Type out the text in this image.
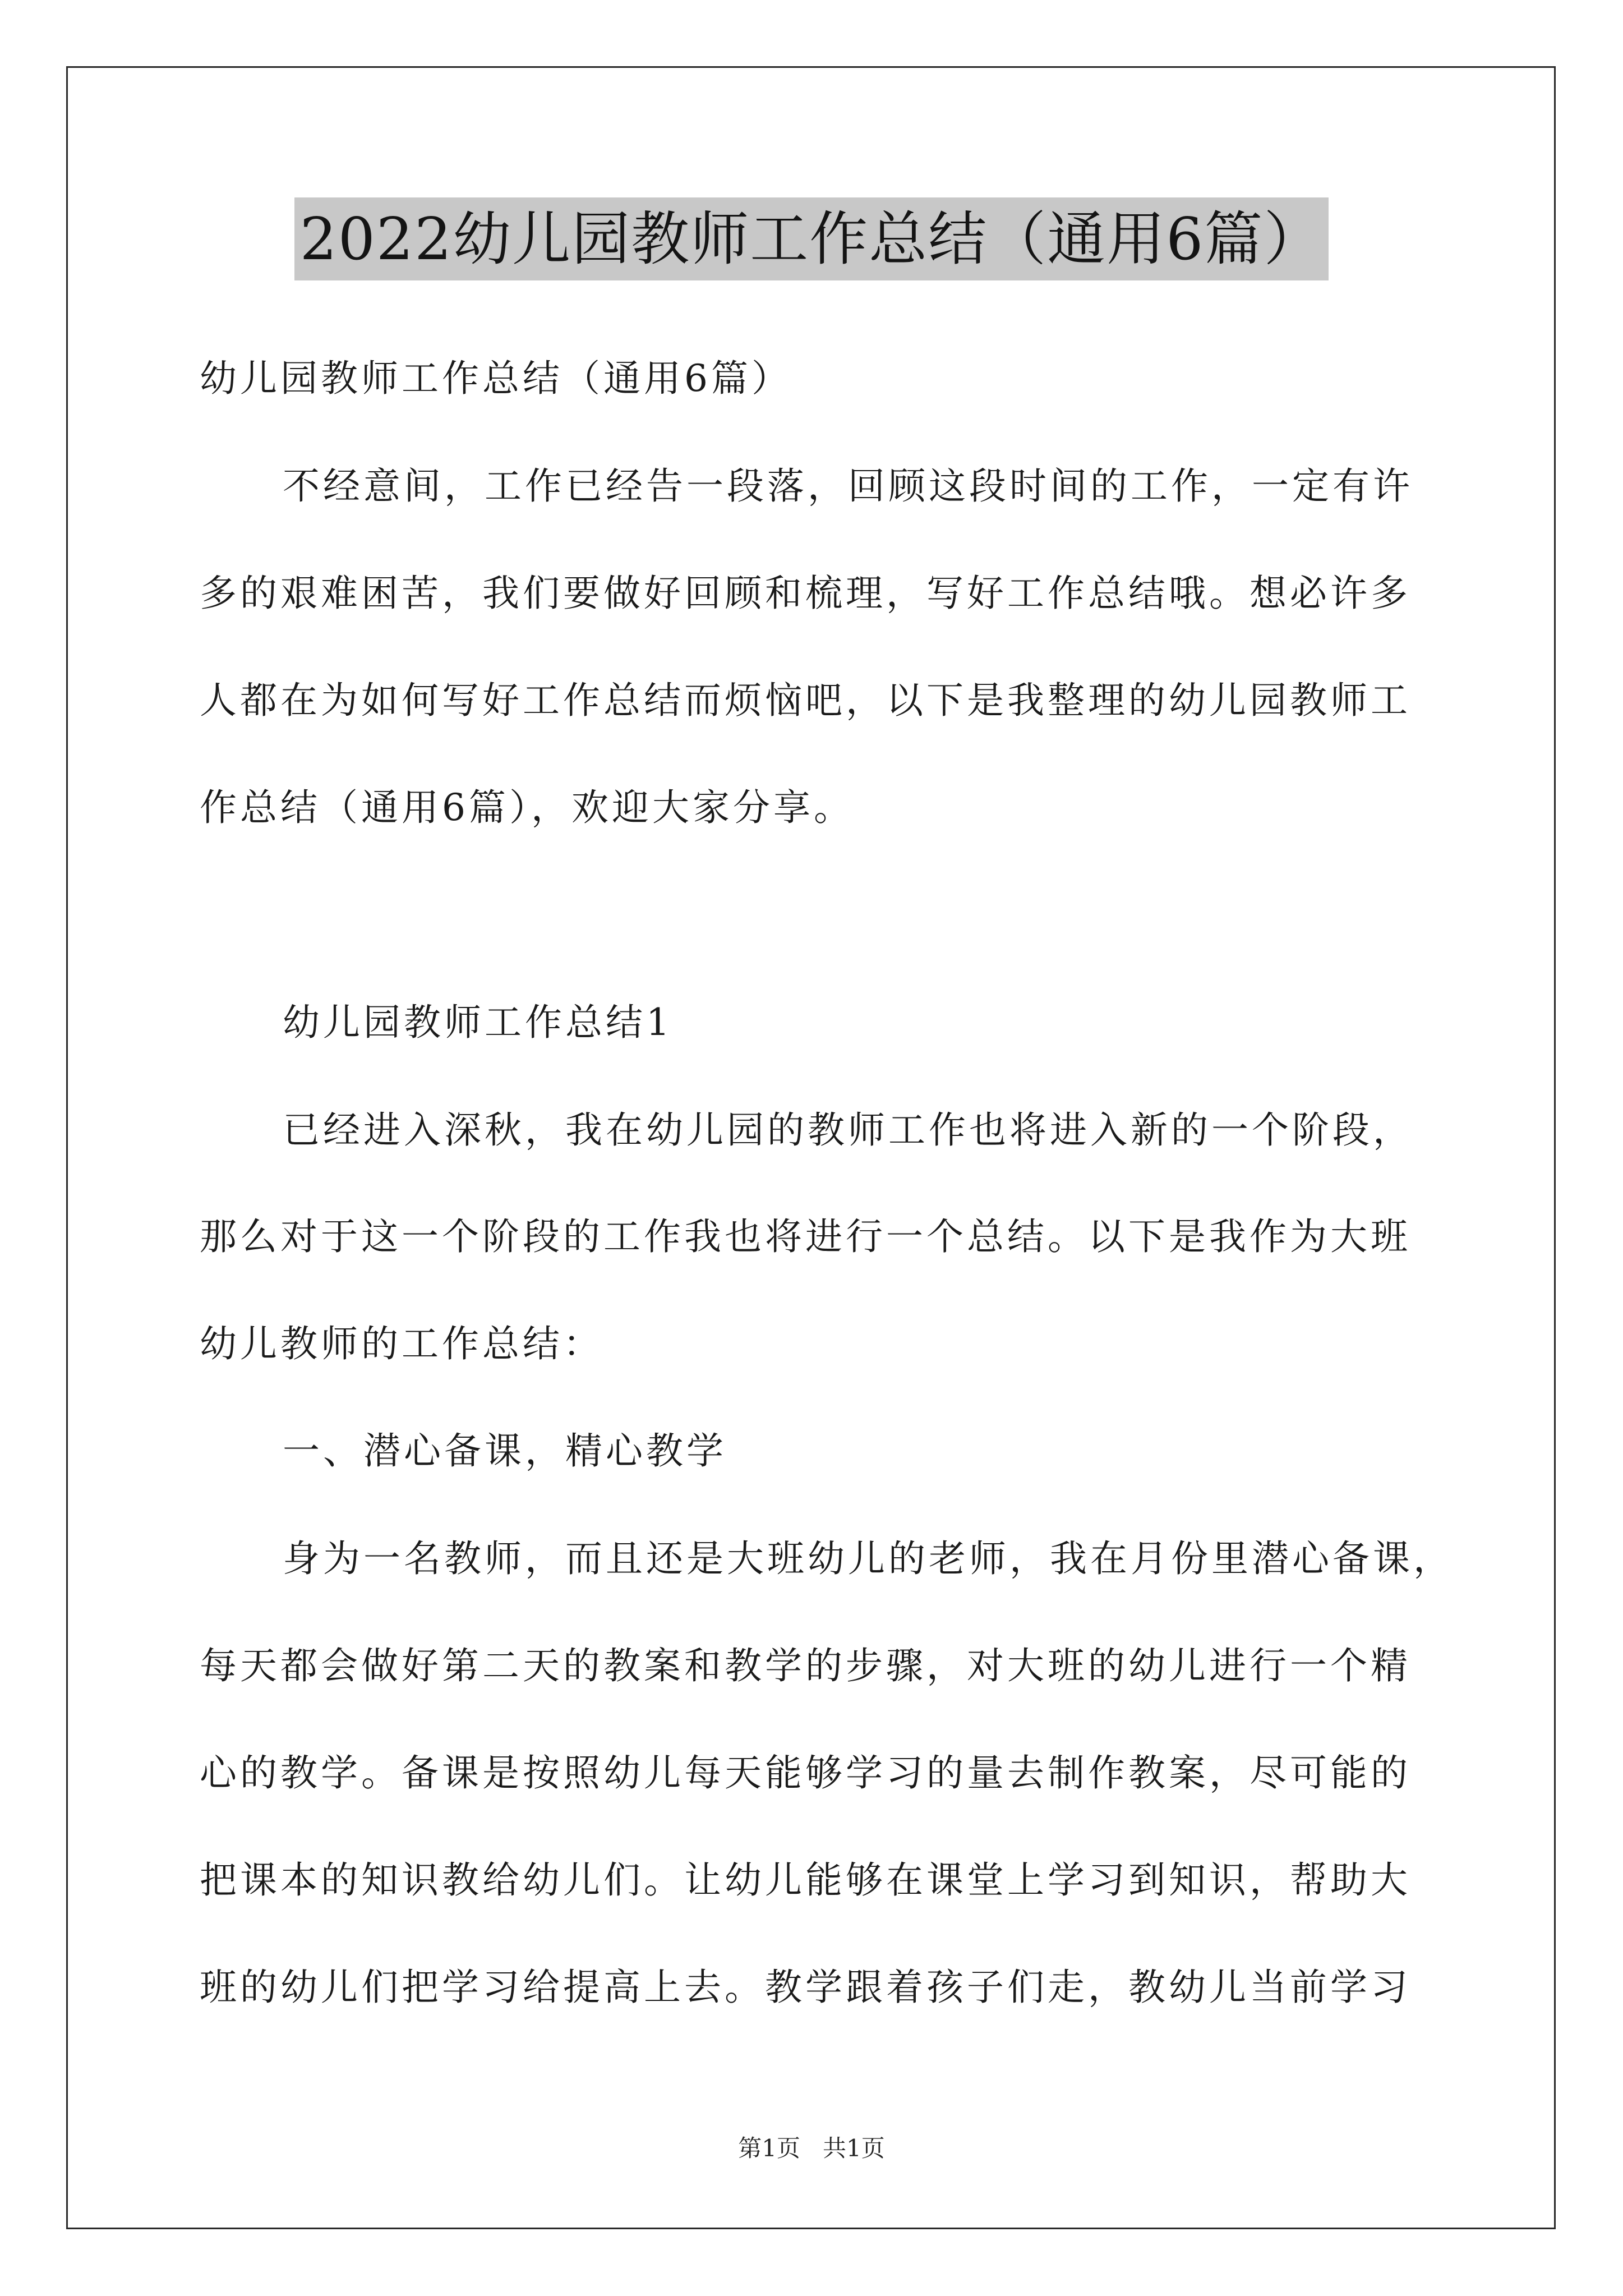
2022幼儿园教师工作总结（通用6篇）
幼儿园教师工作总结（通用6篇）
不经意间，工作已经告一段落，回顾这段时间的工作，一定有许
多的艰难困苦，我们要做好回顾和梳理，写好工作总结哦。想必许多
人都在为如何写好工作总结而烦恼吧，以下是我整理的幼儿园教师工
作总结（通用6篇），欢迎大家分享。
幼儿园教师工作总结1
已经进入深秋，我在幼儿园的教师工作也将进入新的一个阶段，
那么对于这一个阶段的工作我也将进行一个总结。以下是我作为大班
幼儿教师的工作总结：
一、潜心备课，精心教学
身为一名教师，而且还是大班幼儿的老师，我在月份里潜心备课，
每天都会做好第二天的教案和教学的步骤，对大班的幼儿进行一个精
心的教学。备课是按照幼儿每天能够学习的量去制作教案，尽可能的
把课本的知识教给幼儿们。让幼儿能够在课堂上学习到知识，帮助大
班的幼儿们把学习给提高上去。教学跟着孩子们走，教幼儿当前学习
第1页   共1页
